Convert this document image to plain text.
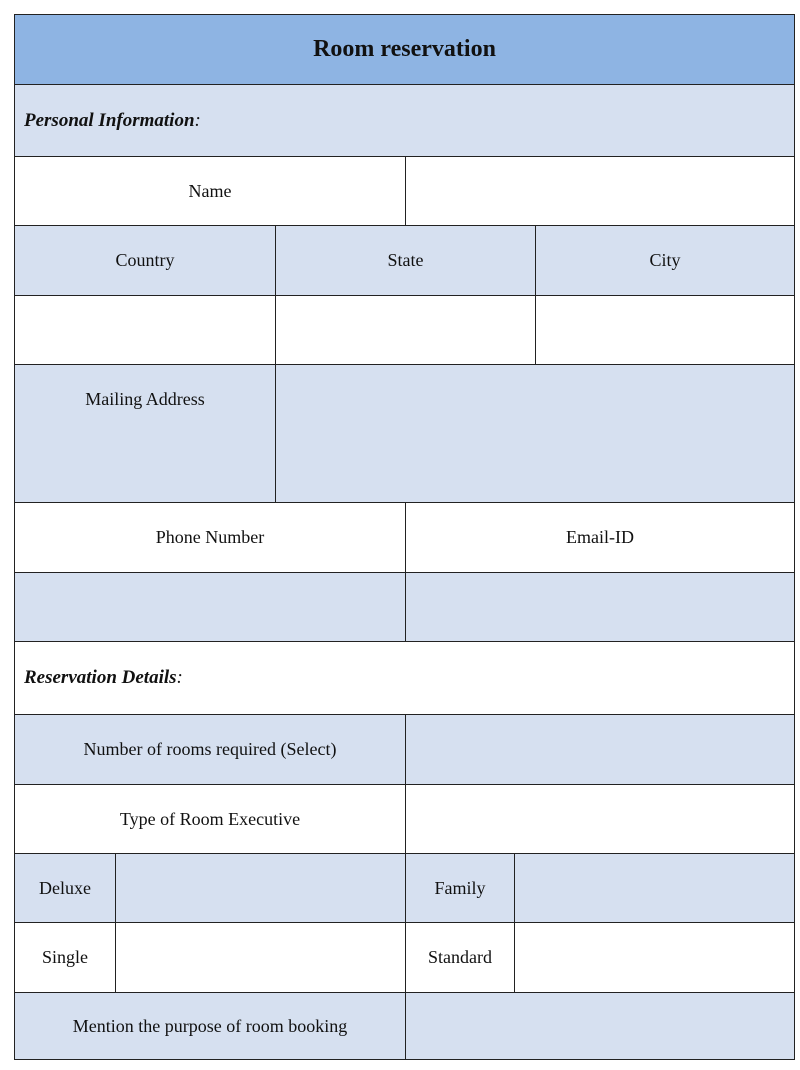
Room reservation
Personal Information :
Name
Country	State	City
Mailing Address
Phone Number	Email-ID
Reservation Details :
Number of rooms required (Select)
Type of Room Executive
Deluxe	Family
Single	Standard
Mention the purpose of room booking
